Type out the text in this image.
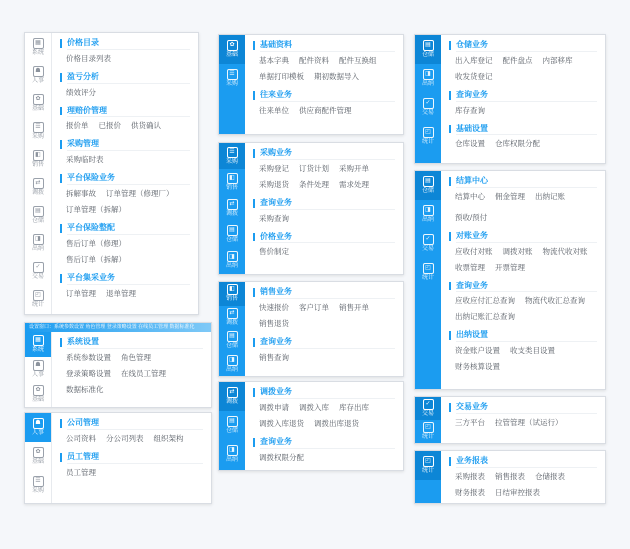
▦
系统
☗
人事
✿
基础
☰
采购
◧
销售
⇄
调拨
▤
仓储
◨
出纳
✓
交易
◰
统计
价格目录
价格目录列表
盈亏分析
绩效评分
理赔价管理
报价单 已报价 供货确认
采购管理
采购临时表
平台保险业务
拆解事故 订单管理（修理厂）
订单管理（拆解）
平台保险整配
售后订单（修理）
售后订单（拆解）
平台集采业务
订单管理 退单管理
设置窗口：系统参数设置 角色管理 登录策略设置 在线员工管理 数据标准化
▦
系统
☗
人事
✿
基础
系统设置
系统参数设置 角色管理
登录策略设置 在线员工管理
数据标准化
☗
人事
✿
基础
☰
采购
公司管理
公司资料 分公司列表 组织架构
员工管理
员工管理
✿
基础
☰
采购
基础资料
基本字典 配件资料 配件互换组
单据打印模板 期初数据导入
往来业务
往来单位 供应商配件管理
☰
采购
◧
销售
⇄
调拨
▤
仓储
◨
出纳
采购业务
采购登记 订货计划 采购开单
采购退货 条件处理 需求处理
查询业务
采购查询
价格业务
售价制定
◧
销售
⇄
调拨
▤
仓储
◨
出纳
销售业务
快速报价 客户订单 销售开单
销售退货
查询业务
销售查询
⇄
调拨
▤
仓储
◨
出纳
调拨业务
调拨申请 调拨入库 库存出库
调拨入库退货 调拨出库退货
查询业务
调拨权限分配
▤
仓储
◨
出纳
✓
交易
◰
统计
仓储业务
出入库登记 配件盘点 内部移库
收发货登记
查询业务
库存查询
基础设置
仓库设置 仓库权限分配
▤
仓储
◨
出纳
✓
交易
◰
统计
结算中心
结算中心 佣金管理 出纳记账
预收/预付
对账业务
应收付对账 调拨对账 物流代收对账
收票管理 开票管理
查询业务
应收应付汇总查询 物流代收汇总查询
出纳记账汇总查询
出纳设置
资金账户设置 收支类目设置
财务核算设置
✓
交易
◰
统计
交易业务
三方平台 拉管管理（试运行）
◰
统计
业务报表
采购报表 销售报表 仓储报表
财务报表 日结审控报表
